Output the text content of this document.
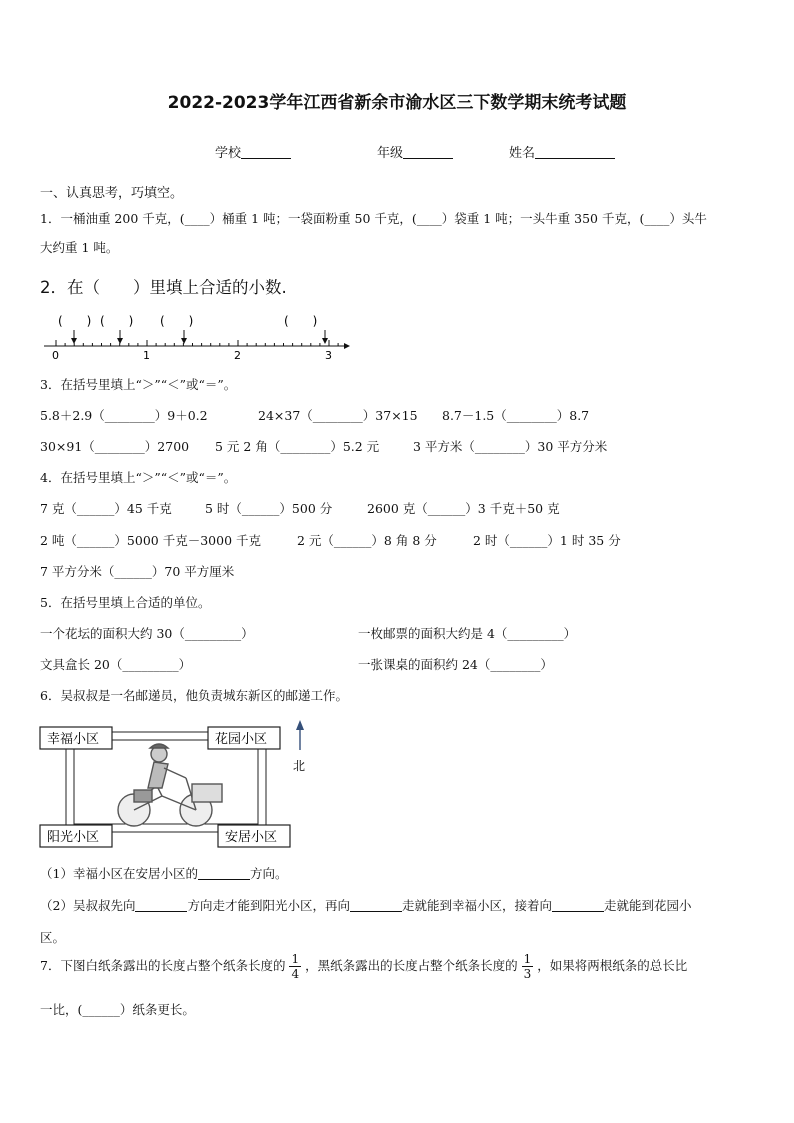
2022-2023学年江西省新余市渝水区三下数学期末统考试题
学校	年级	姓名
一、认真思考，巧填空。
1．一桶油重 200 千克，(____）桶重 1 吨；一袋面粉重 50 千克，(____）袋重 1 吨；一头牛重 350 千克，(____）头牛
大约重 1 吨。
2．在（　　）里填上合适的小数.
(　　) (　　) (　　)	(　　)
0	1	2	3
3．在括号里填上“＞”“＜”或“＝”。
5.8＋2.9（________）9＋0.2	24×37（________）37×15 8.7－1.5（________）8.7
30×91（________）2700 5 元 2 角（________）5.2 元	3 平方米（________）30 平方分米
4．在括号里填上“＞”“＜”或“＝”。
7 克（______）45 千克	5 时（______）500 分	2600 克（______）3 千克＋50 克
2 吨（______）5000 千克－3000 千克	2 元（______）8 角 8 分	2 时（______）1 时 35 分
7 平方分米（______）70 平方厘米
5．在括号里填上合适的单位。
一个花坛的面积大约 30（_________）	一枚邮票的面积大约是 4（_________）
文具盒长 20（_________）	一张课桌的面积约 24（________）
6．吴叔叔是一名邮递员，他负责城东新区的邮递工作。
幸福小区	花园小区
阳光小区	安居小区
北
（1）幸福小区在安居小区的	方向。
（2）吴叔叔先向	方向走才能到阳光小区，再向	走就能到幸福小区，接着向	走就能到花园小
区。
7．下图白纸条露出的长度占整个纸条长度的 $\frac{1}{4}$ ，黑纸条露出的长度占整个纸条长度的 $\frac{1}{3}$ ，如果将两根纸条的总长比
一比，(______）纸条更长。
